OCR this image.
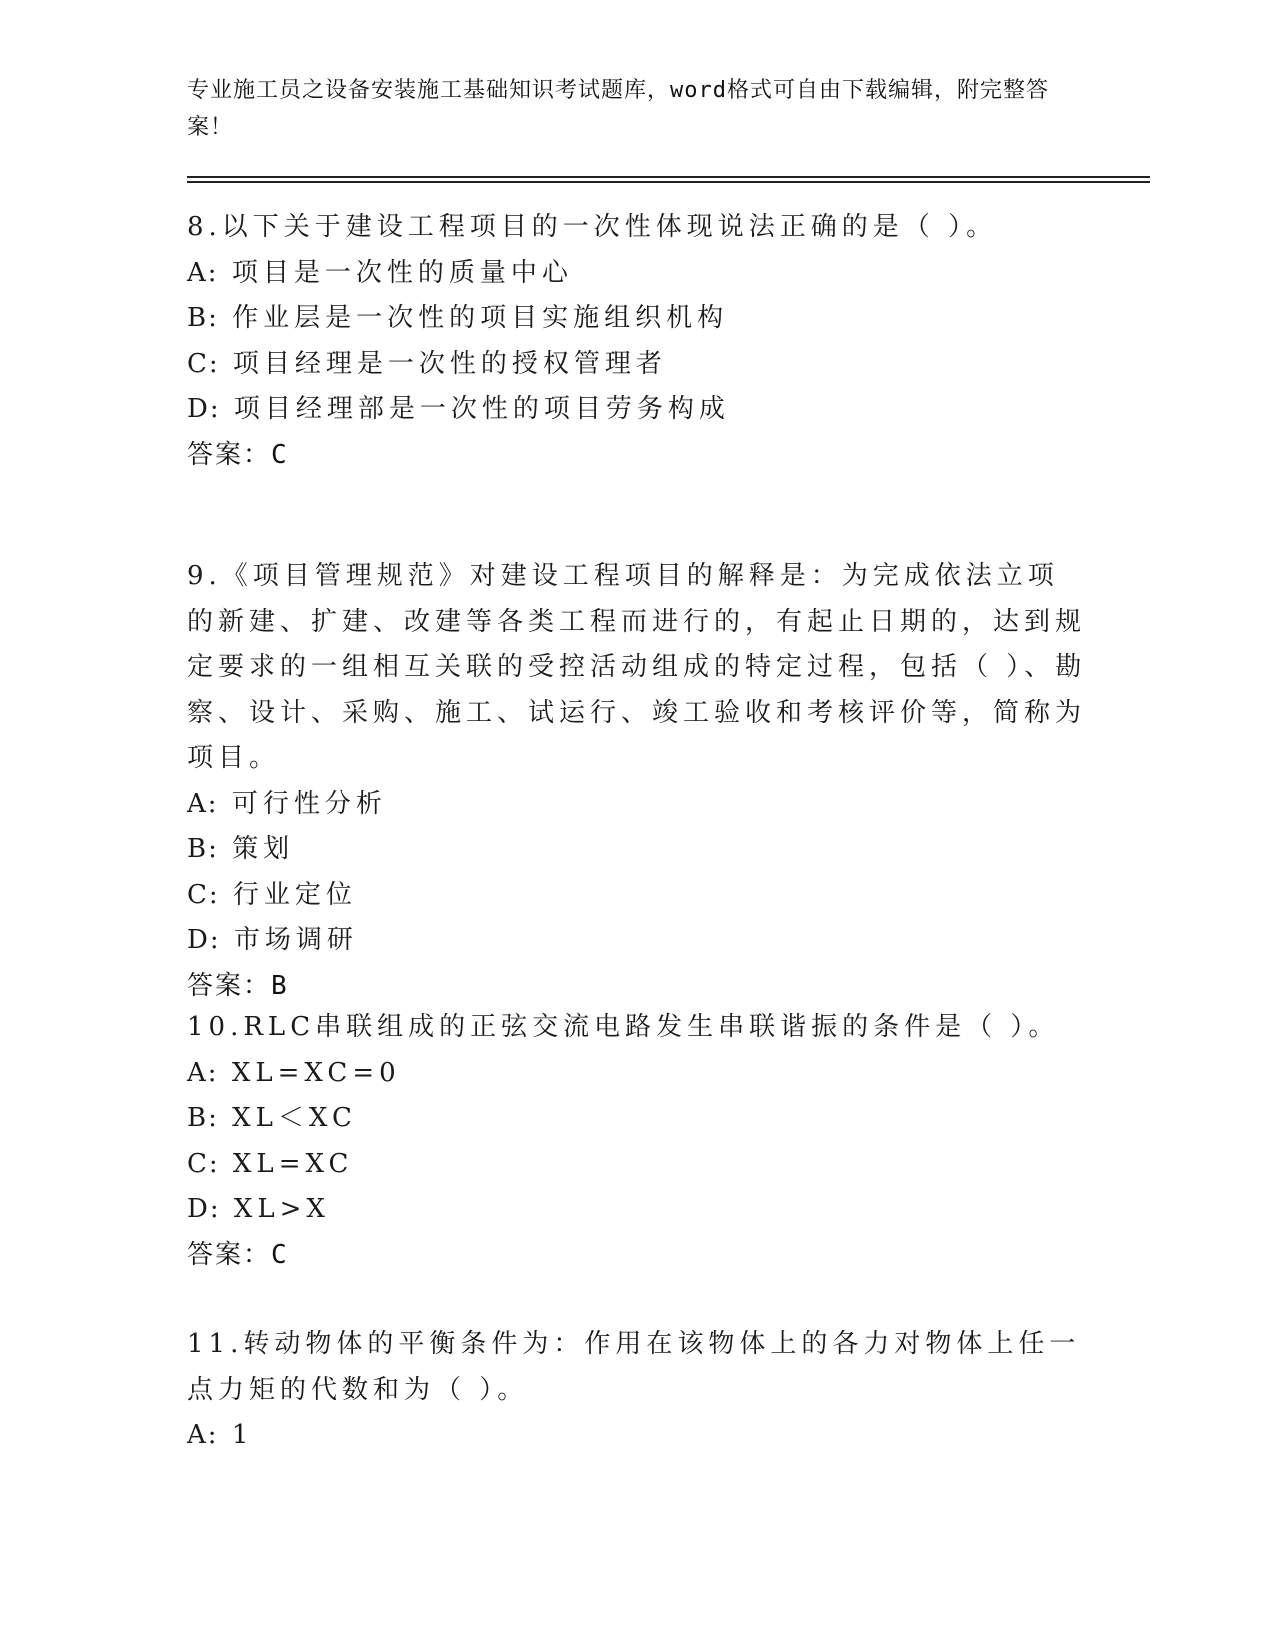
专业施工员之设备安装施工基础知识考试题库，word格式可自由下载编辑，附完整答案！

8.以下关于建设工程项目的一次性体现说法正确的是（ ）。

A: 项目是一次性的质量中心

B: 作业层是一次性的项目实施组织机构

C: 项目经理是一次性的授权管理者

D: 项目经理部是一次性的项目劳务构成

答案：C

9.《项目管理规范》对建设工程项目的解释是：为完成依法立项的新建、扩建、改建等各类工程而进行的，有起止日期的，达到规定要求的一组相互关联的受控活动组成的特定过程，包括（ ）、勘察、设计、采购、施工、试运行、竣工验收和考核评价等，简称为项目。

A: 可行性分析

B: 策划

C: 行业定位

D: 市场调研

答案：B

10.RLC串联组成的正弦交流电路发生串联谐振的条件是（ ）。

A: XL=XC=0

B: XL＜XC

C: XL=XC

D: XL>X

答案：C

11.转动物体的平衡条件为：作用在该物体上的各力对物体上任一点力矩的代数和为（ ）。

A: 1
